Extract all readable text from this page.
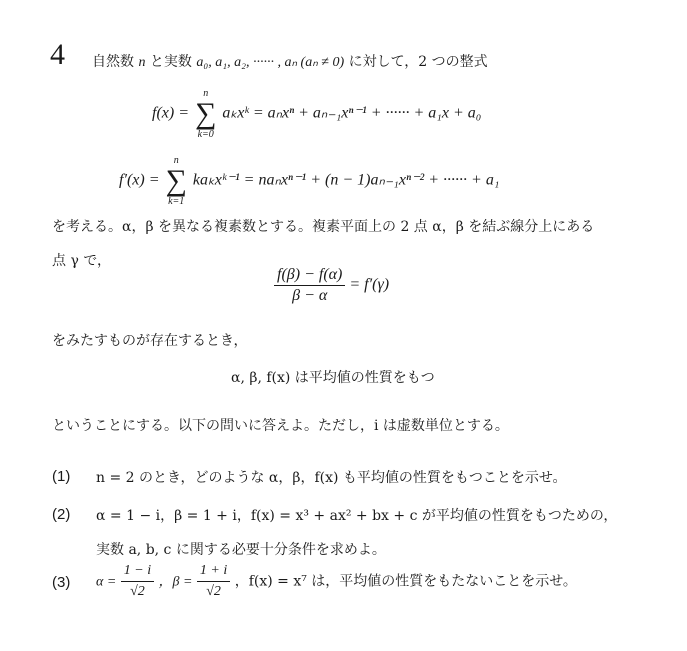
4 自然数 n と実数 a₀, a₁, a₂, ······ , aₙ (aₙ ≠ 0) に対して，2 つの整式
f(x) =
n
∑
k=0
aₖxᵏ = aₙxⁿ + aₙ₋₁xⁿ⁻¹ + ······ + a₁x + a₀
f′(x) =
n
∑
k=1
kaₖxᵏ⁻¹ = naₙxⁿ⁻¹ + (n − 1)aₙ₋₁xⁿ⁻² + ······ + a₁
を考える。α，β を異なる複素数とする。複素平面上の 2 点 α，β を結ぶ線分上にある
点 γ で，
$\frac{f(\beta) - f(\alpha)}{\beta - \alpha} = f'(\gamma)$
をみたすものが存在するとき，
α, β, f(x) は平均値の性質をもつ
ということにする。以下の問いに答えよ。ただし，i は虚数単位とする。
(1) n = 2 のとき，どのような α，β，f(x) も平均値の性質をもつことを示せ。
(2) α = 1 − i，β = 1 + i，f(x) = x³ + ax² + bx + c が平均値の性質をもつための，
実数 a, b, c に関する必要十分条件を求めよ。
(3) $\alpha = \frac{1 - i}{√2}$ ，$\beta = \frac{1 + i}{√2}$ ，f(x) = x⁷ は，平均値の性質をもたないことを示せ。
